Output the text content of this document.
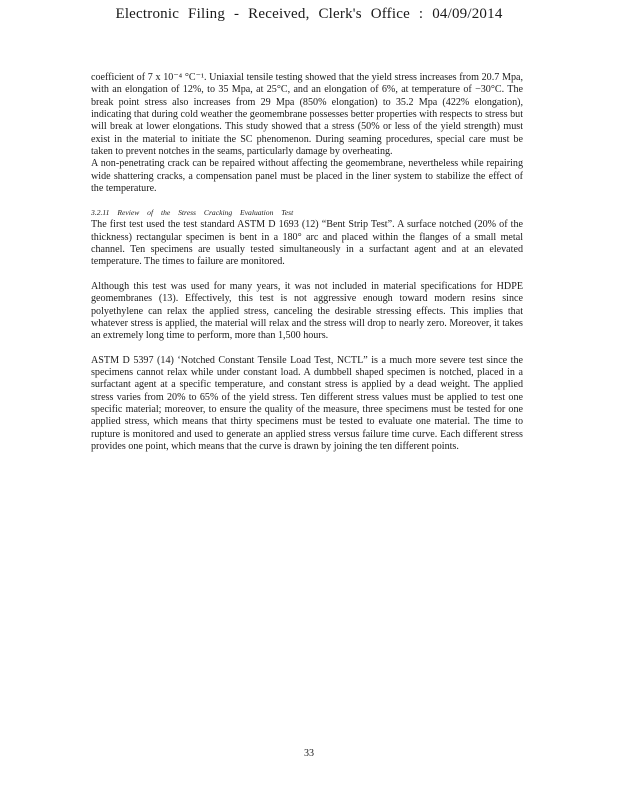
Electronic Filing - Received, Clerk's Office : 04/09/2014

coefficient of 7 x 10⁻⁴ °C⁻¹. Uniaxial tensile testing showed that the yield stress increases from 20.7 Mpa, with an elongation of 12%, to 35 Mpa, at 25°C, and an elongation of 6%, at temperature of −30°C. The break point stress also increases from 29 Mpa (850% elongation) to 35.2 Mpa (422% elongation), indicating that during cold weather the geomembrane possesses better properties with respects to stress but will break at lower elongations. This study showed that a stress (50% or less of the yield strength) must exist in the material to initiate the SC phenomenon. During seaming procedures, special care must be taken to prevent notches in the seams, particularly damage by overheating.

A non-penetrating crack can be repaired without affecting the geomembrane, nevertheless while repairing wide shattering cracks, a compensation panel must be placed in the liner system to stabilize the effect of the temperature.

3.2.11 Review of the Stress Cracking Evaluation Test

The first test used the test standard ASTM D 1693 (12) “Bent Strip Test”. A surface notched (20% of the thickness) rectangular specimen is bent in a 180° arc and placed within the flanges of a small metal channel. Ten specimens are usually tested simultaneously in a surfactant agent and at an elevated temperature. The times to failure are monitored.

Although this test was used for many years, it was not included in material specifications for HDPE geomembranes (13). Effectively, this test is not aggressive enough toward modern resins since polyethylene can relax the applied stress, canceling the desirable stressing effects. This implies that whatever stress is applied, the material will relax and the stress will drop to nearly zero. Moreover, it takes an extremely long time to perform, more than 1,500 hours.

ASTM D 5397 (14) ‘Notched Constant Tensile Load Test, NCTL” is a much more severe test since the specimens cannot relax while under constant load. A dumbbell shaped specimen is notched, placed in a surfactant agent at a specific temperature, and constant stress is applied by a dead weight. The applied stress varies from 20% to 65% of the yield stress. Ten different stress values must be applied to test one specific material; moreover, to ensure the quality of the measure, three specimens must be tested for one applied stress, which means that thirty specimens must be tested to evaluate one material. The time to rupture is monitored and used to generate an applied stress versus failure time curve. Each different stress provides one point, which means that the curve is drawn by joining the ten different points.

33
